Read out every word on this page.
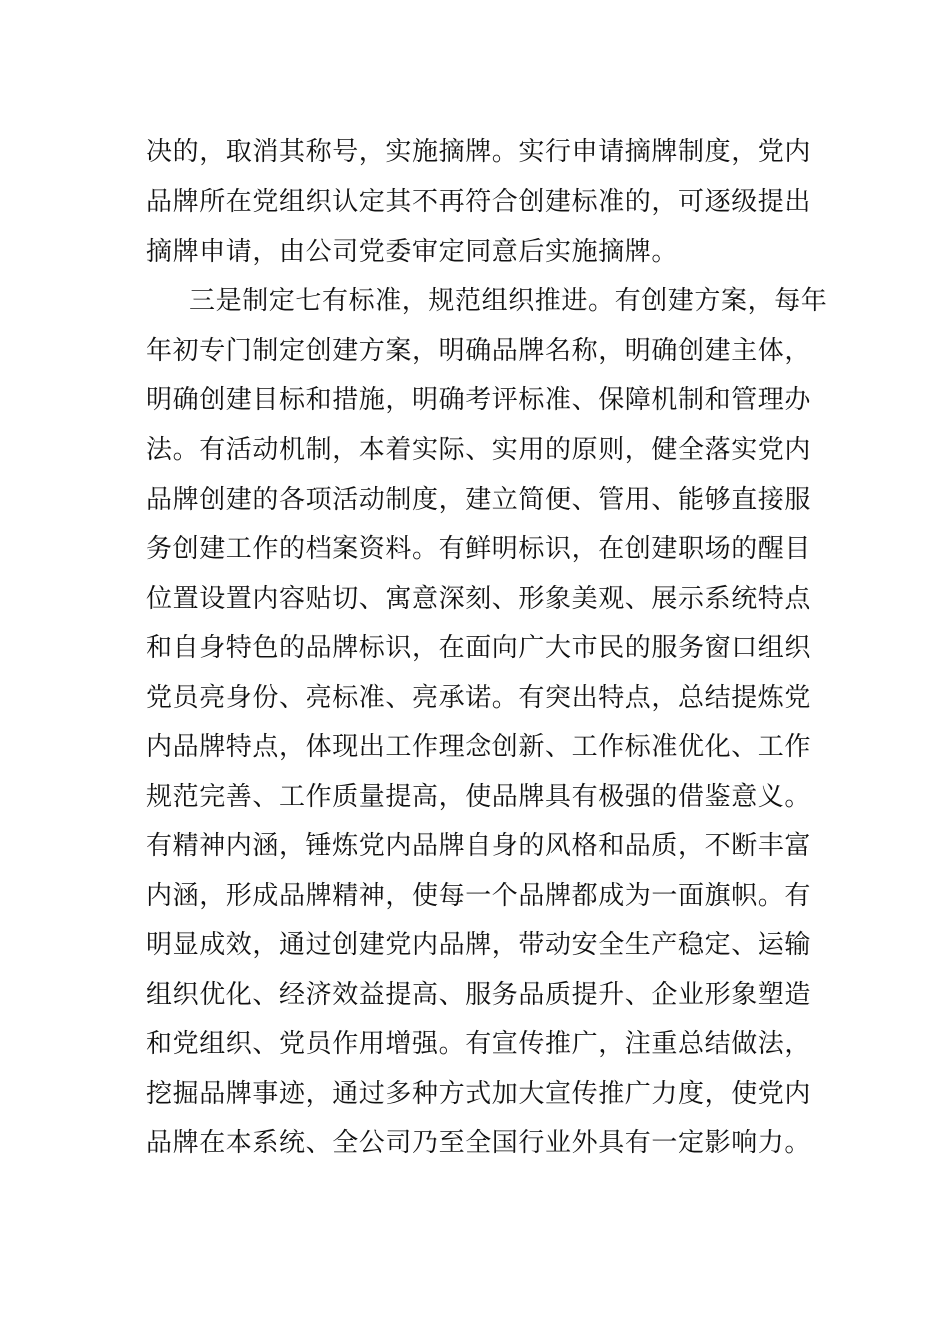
决的，取消其称号，实施摘牌。实行申请摘牌制度，党内
品牌所在党组织认定其不再符合创建标准的，可逐级提出
摘牌申请，由公司党委审定同意后实施摘牌。
三是制定七有标准，规范组织推进。有创建方案，每年
年初专门制定创建方案，明确品牌名称，明确创建主体，
明确创建目标和措施，明确考评标准、保障机制和管理办
法。有活动机制，本着实际、实用的原则，健全落实党内
品牌创建的各项活动制度，建立简便、管用、能够直接服
务创建工作的档案资料。有鲜明标识，在创建职场的醒目
位置设置内容贴切、寓意深刻、形象美观、展示系统特点
和自身特色的品牌标识，在面向广大市民的服务窗口组织
党员亮身份、亮标准、亮承诺。有突出特点，总结提炼党
内品牌特点，体现出工作理念创新、工作标准优化、工作
规范完善、工作质量提高，使品牌具有极强的借鉴意义。
有精神内涵，锤炼党内品牌自身的风格和品质，不断丰富
内涵，形成品牌精神，使每一个品牌都成为一面旗帜。有
明显成效，通过创建党内品牌，带动安全生产稳定、运输
组织优化、经济效益提高、服务品质提升、企业形象塑造
和党组织、党员作用增强。有宣传推广，注重总结做法，
挖掘品牌事迹，通过多种方式加大宣传推广力度，使党内
品牌在本系统、全公司乃至全国行业外具有一定影响力。
